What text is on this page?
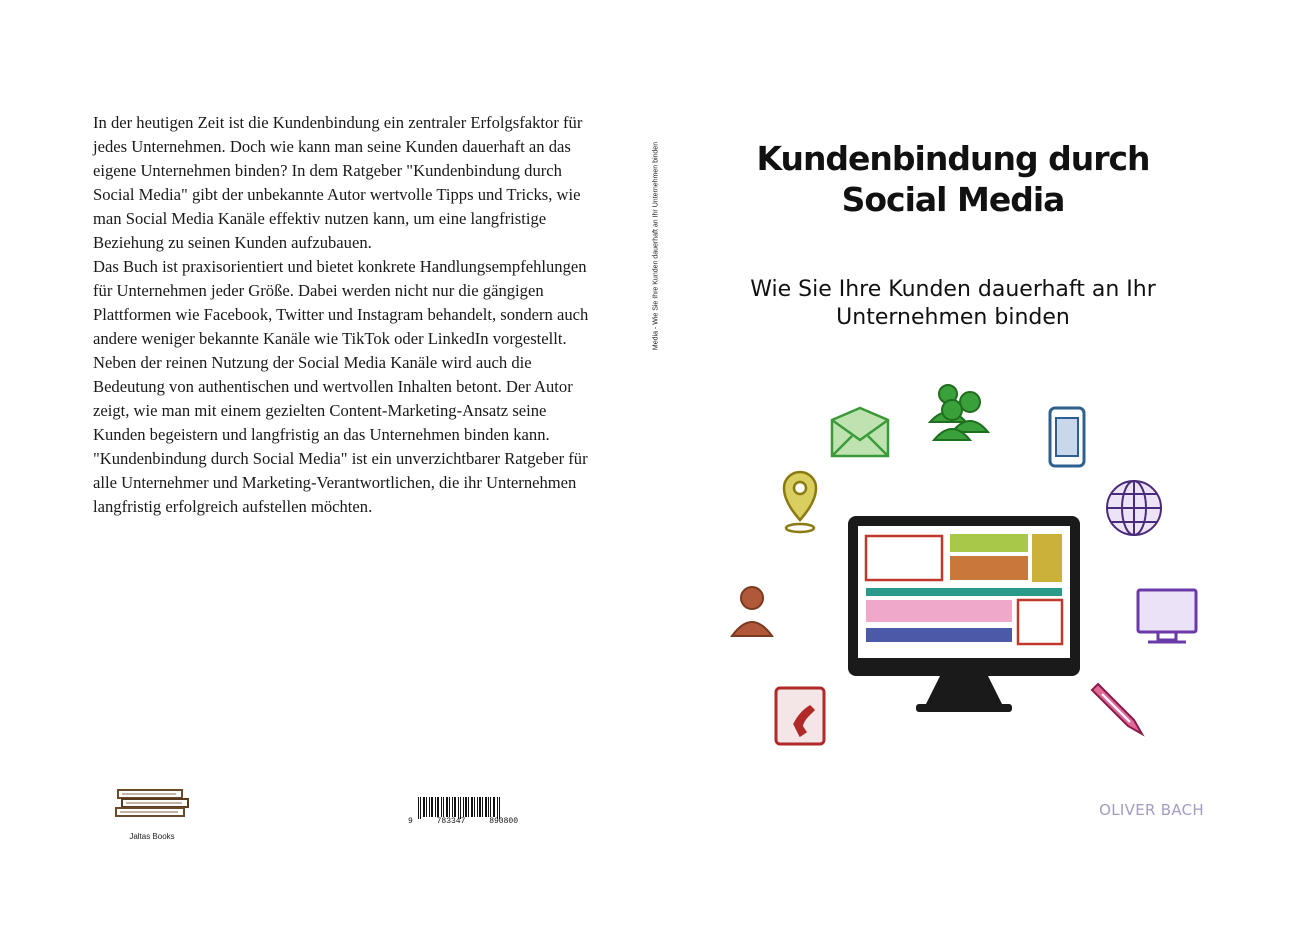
In der heutigen Zeit ist die Kundenbindung ein zentraler Erfolgsfaktor für jedes Unternehmen. Doch wie kann man seine Kunden dauerhaft an das eigene Unternehmen binden? In dem Ratgeber "Kundenbindung durch Social Media" gibt der unbekannte Autor wertvolle Tipps und Tricks, wie man Social Media Kanäle effektiv nutzen kann, um eine langfristige Beziehung zu seinen Kunden aufzubauen.

Das Buch ist praxisorientiert und bietet konkrete Handlungsempfehlungen für Unternehmen jeder Größe. Dabei werden nicht nur die gängigen Plattformen wie Facebook, Twitter und Instagram behandelt, sondern auch andere weniger bekannte Kanäle wie TikTok oder LinkedIn vorgestellt.

Neben der reinen Nutzung der Social Media Kanäle wird auch die Bedeutung von authentischen und wertvollen Inhalten betont. Der Autor zeigt, wie man mit einem gezielten Content-Marketing-Ansatz seine Kunden begeistern und langfristig an das Unternehmen binden kann.

"Kundenbindung durch Social Media" ist ein unverzichtbarer Ratgeber für alle Unternehmer und Marketing-Verantwortlichen, die ihr Unternehmen langfristig erfolgreich aufstellen möchten.

Jaltas Books
9	783347	890800
Media - Wie Sie Ihre Kunden dauerhaft an Ihr Unternehmen binden	Kundenbindung durch
Social Media
Wie Sie Ihre Kunden dauerhaft an Ihr
Unternehmen binden
OLIVER BACH
